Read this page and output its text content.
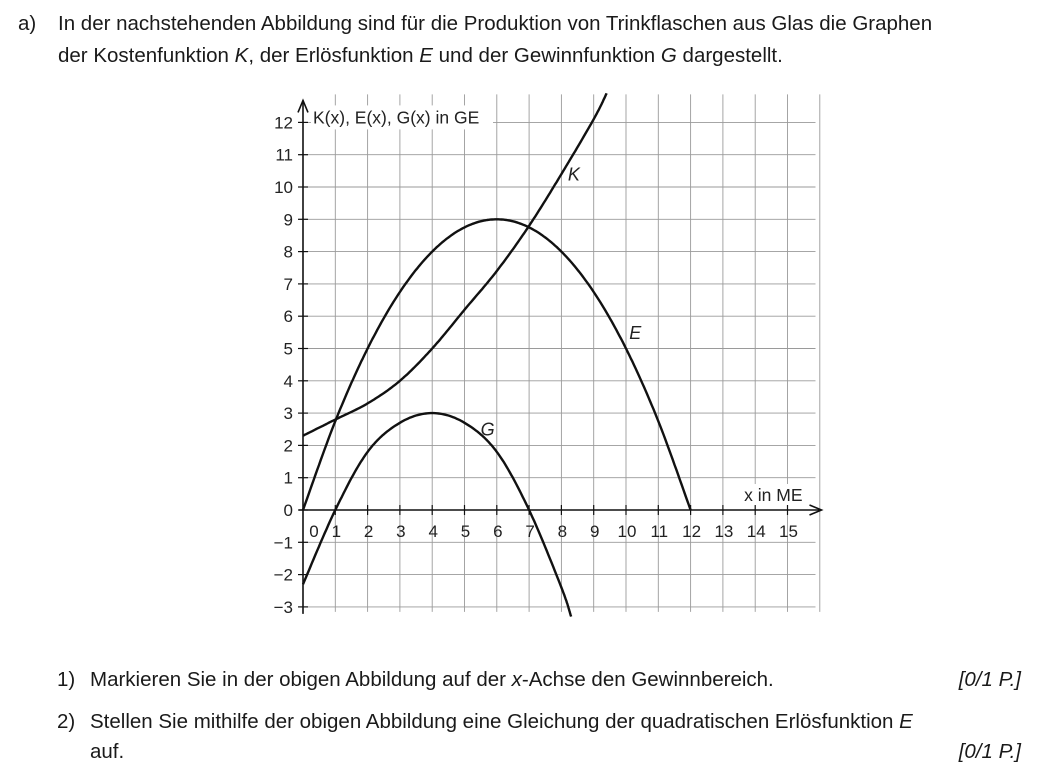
a) In der nachstehenden Abbildung sind für die Produktion von Trinkflaschen aus Glas die Graphen
der Kostenfunktion K, der Erlösfunktion E und der Gewinnfunktion G dargestellt.
12
11
10
9
8
7
6
5
4
3
2
1
0
−1
−2
−3
0 1 2 3 4 5 6 7 8 9 10 11 12 13 14 15
K(x), E(x), G(x) in GE
x in ME
K
E
G
1) Markieren Sie in der obigen Abbildung auf der x-Achse den Gewinnbereich.	[0/1 P.]
2) Stellen Sie mithilfe der obigen Abbildung eine Gleichung der quadratischen Erlösfunktion E
auf.	[0/1 P.]
